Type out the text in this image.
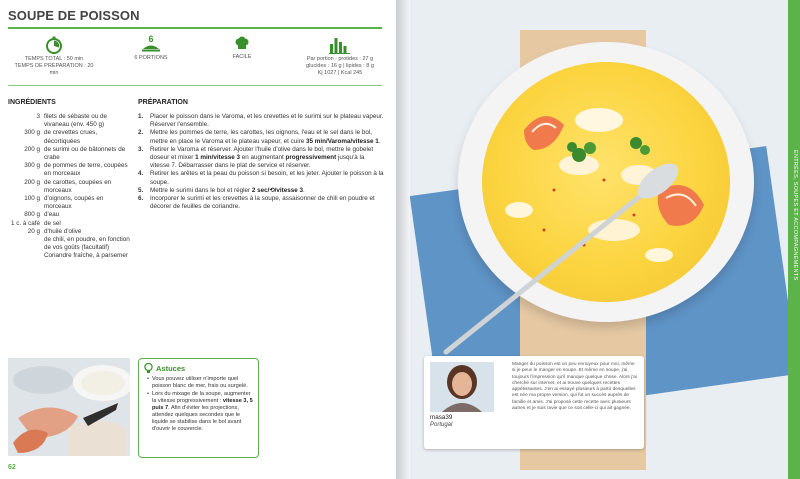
SOUPE DE POISSON
TEMPS TOTAL : 50 min
TEMPS DE PRÉPARATION : 20 min
6
6 PORTIONS	FACILE	Par portion : protides : 27 g
glucides : 16 g | lipides : 8 g
Kj 1027 | Kcal 245
INGRÉDIENTS	PRÉPARATION
3 filets de sébaste ou de vivaneau (env. 450 g)
300 g de crevettes crues, décortiquées
200 g de surimi ou de bâtonnets de crabe
300 g de pommes de terre, coupées en morceaux
200 g de carottes, coupées en morceaux
100 g d'oignons, coupés en morceaux
800 g d'eau
1 c. à café de sel
20 g d'huile d'olive
de chili, en poudre, en fonction de vos goûts (facultatif)
Coriandre fraîche, à parsemer
1.	Placer le poisson dans le Varoma, et les crevettes et le surimi sur le plateau vapeur. Réserver l'ensemble.
2.	Mettre les pommes de terre, les carottes, les oignons, l'eau et le sel dans le bol, mettre en place le Varoma et le plateau vapeur, et cuire 35 min/Varoma/vitesse 1.
3.	Retirer le Varoma et réserver. Ajouter l'huile d'olive dans le bol, mettre le gobelet doseur et mixer 1 min/vitesse 3 en augmentant progressivement jusqu'à la vitesse 7. Débarrasser dans le plat de service et réserver.
4.	Retirer les arêtes et la peau du poisson si besoin, et les jeter. Ajouter le poisson à la soupe.
5.	Mettre le surimi dans le bol et régler 2 sec/⟲/vitesse 3.
6.	Incorporer le surimi et les crevettes à la soupe, assaisonner de chili en poudre et décorer de feuilles de coriandre.
Astuces
• Vous pouvez utiliser n'importe quel poisson blanc de mer, frais ou surgelé.
• Lors du mixage de la soupe, augmenter la vitesse progressivement : vitesse 3, 5 puis 7. Afin d'éviter les projections, attendez quelques secondes que le liquide se stabilise dans le bol avant d'ouvrir le couvercle.
62
ENTRÉES, SOUPES ET ACCOMPAGNEMENTS
masa39
Portugal
Manger du poisson est un peu ennuyeux pour moi, même si je peux le manger en soupe. Et même en soupe, j'ai toujours l'impression qu'il manque quelque chose. Alors j'ai cherché sur internet, et ai trouvé quelques recettes appétissantes. J'en ai essayé plusieurs à partir desquelles est née ma propre version, qui fut un succès auprès de famille et amis. J'ai proposé cette recette avec plusieurs autres et je suis ravie que ce soit celle-ci qui ait gagnée.
